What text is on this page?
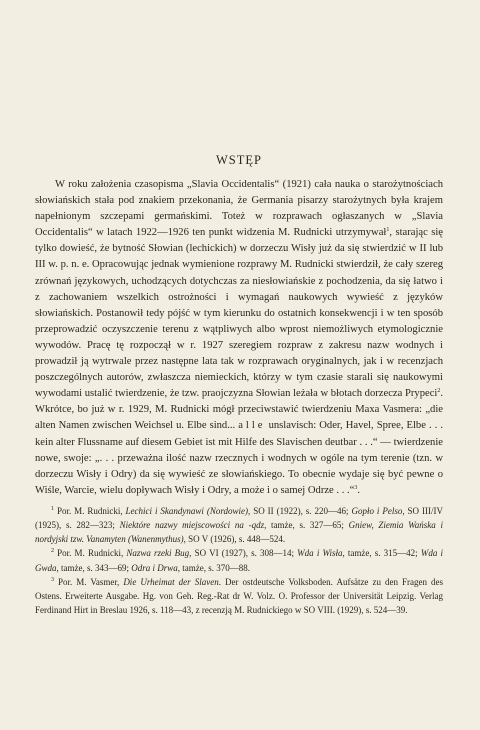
WSTĘP

W roku założenia czasopisma „Slavia Occidentalis“ (1921) cała nauka o starożytnościach słowiańskich stała pod znakiem przekonania, że Germania pisarzy starożytnych była krajem napełnionym szczepami germańskimi. Toteż w rozprawach ogłaszanych w „Slavia Occidentalis“ w latach 1922—1926 ten punkt widzenia M. Rudnicki utrzymywał$^1$, starając się tylko dowieść, że bytność Słowian (lechickich) w dorzeczu Wisły już da się stwierdzić w II lub III w. p. n. e. Opracowując jednak wymienione rozprawy M. Rudnicki stwierdził, że cały szereg zrównań językowych, uchodzących dotychczas za niesłowiańskie z pochodzenia, da się łatwo i z zachowaniem wszelkich ostrożności i wymagań naukowych wywieść z języków słowiańskich. Postanowił tedy pójść w tym kierunku do ostatnich konsekwencji i w ten sposób przeprowadzić oczyszczenie terenu z wątpliwych albo wprost niemożliwych etymologicznie wywodów. Pracę tę rozpoczął w r. 1927 szeregiem rozpraw z zakresu nazw wodnych i prowadził ją wytrwale przez następne lata tak w rozprawach oryginalnych, jak i w recenzjach poszczególnych autorów, zwłaszcza niemieckich, którzy w tym czasie starali się naukowymi wywodami ustalić twierdzenie, że tzw. praojczyzna Słowian leżała w błotach dorzecza Prypeci$^2$. Wkrótce, bo już w r. 1929, M. Rudnicki mógł przeciwstawić twierdzeniu Maxa Vasmera: „die alten Namen zwischen Weichsel u. Elbe sind... alle unslavisch: Oder, Havel, Spree, Elbe . . . kein alter Flussname auf diesem Gebiet ist mit Hilfe des Slavischen deutbar . . .“ — twierdzenie nowe, swoje: „. . . przeważna ilość nazw rzecznych i wodnych w ogóle na tym terenie (tzn. w dorzeczu Wisły i Odry) da się wywieść ze słowiańskiego. To obecnie wydaje się być pewne o Wiśle, Warcie, wielu dopływach Wisły i Odry, a może i o samej Odrze . . .“$^3$.

$^1$ Por. M. Rudnicki, Lechici i Skandynawi (Nordowie), SO II (1922), s. 220—46; Gopło i Pelso, SO III/IV (1925), s. 282—323; Niektóre nazwy miejscowości na -qdz, tamże, s. 327—65; Gniew, Ziemia Wańska i nordyjski tzw. Vanamyten (Wanenmythus), SO V (1926), s. 448—524.

$^2$ Por. M. Rudnicki, Nazwa rzeki Bug, SO VI (1927), s. 308—14; Wda i Wisła, tamże, s. 315—42; Wda i Gwda, tamże, s. 343—69; Odra i Drwa, tamże, s. 370—88.

$^3$ Por. M. Vasmer, Die Urheimat der Slaven. Der ostdeutsche Volksboden. Aufsätze zu den Fragen des Ostens. Erweiterte Ausgabe. Hg. von Geh. Reg.-Rat dr W. Volz. O. Professor der Universität Leipzig. Verlag Ferdinand Hirt in Breslau 1926, s. 118—43, z recenzją M. Rudnickiego w SO VIII. (1929), s. 524—39.
